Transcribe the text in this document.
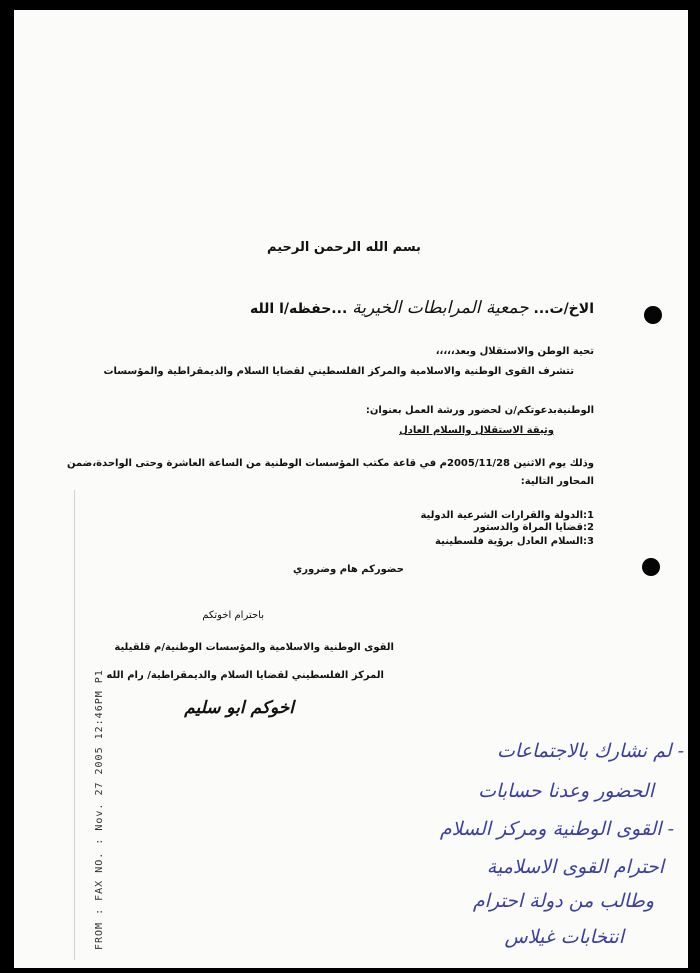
بسم الله الرحمن الرحيم
الاخ/ت... جمعية المرابطات الخيرية ...حفظه/ا الله
تحية الوطن والاستقلال وبعد،،،،،
تتشرف القوى الوطنية والاسلامية والمركز الفلسطيني لقضايا السلام والديمقراطية والمؤسسات
الوطنيةبدعوتكم/ن لحضور ورشة العمل بعنوان:
وثيقة الاستقلال والسلام العادل
وذلك يوم الاثنين 2005/11/28م في قاعة مكتب المؤسسات الوطنية من الساعة العاشرة وحتى الواحدة،ضمن
المحاور التالية:
1:الدولة والقرارات الشرعية الدولية
2:قضايا المراة والدستور
3:السلام العادل برؤية فلسطينية
حضوركم هام وضروري
باحترام اخوتكم
القوى الوطنية والاسلامية والمؤسسات الوطنية/م قلقيلية
المركز الفلسطيني لقضايا السلام والديمقراطية/ رام الله
اخوكم ابو سليم
- لم نشارك بالاجتماعات
الحضور وعدنا حسابات
- القوى الوطنية ومركز السلام
احترام القوى الاسلامية
وطالب من دولة احترام
انتخابات غيلاس
FROM : FAX NO. : Nov. 27 2005 12:46PM P1
